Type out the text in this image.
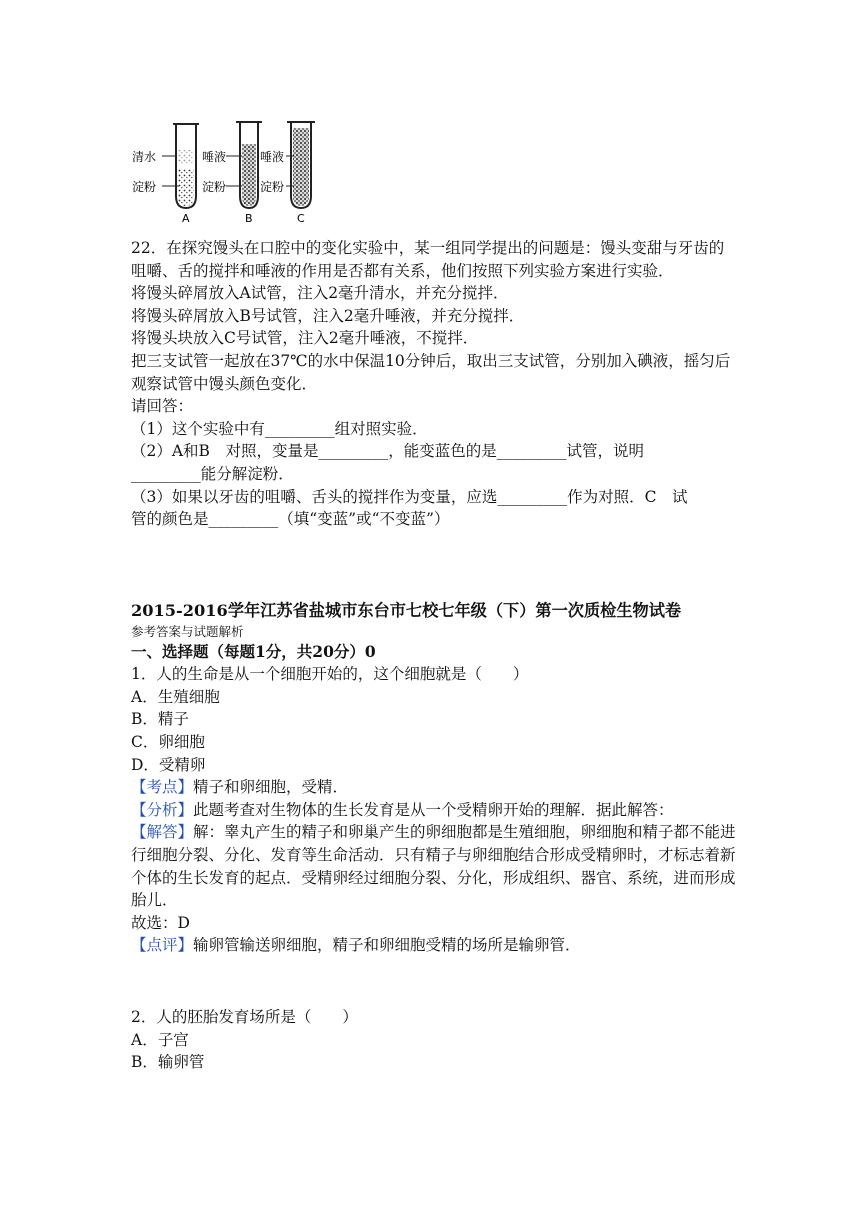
清水
淀粉
唾液
淀粉
唾液
淀粉
A	B	C

22．在探究馒头在口腔中的变化实验中，某一组同学提出的问题是：馒头变甜与牙齿的咀嚼、舌的搅拌和唾液的作用是否都有关系，他们按照下列实验方案进行实验．

将馒头碎屑放入A试管，注入2毫升清水，并充分搅拌．

将馒头碎屑放入B号试管，注入2毫升唾液，并充分搅拌．

将馒头块放入C号试管，注入2毫升唾液，不搅拌．

把三支试管一起放在37℃的水中保温10分钟后，取出三支试管，分别加入碘液，摇匀后观察试管中馒头颜色变化．

请回答：

（1）这个实验中有_________组对照实验．

（2）A和B　对照，变量是_________，能变蓝色的是_________试管，说明

_________能分解淀粉．

（3）如果以牙齿的咀嚼、舌头的搅拌作为变量，应选_________作为对照．C　试

管的颜色是_________（填“变蓝”或“不变蓝”）

2015-2016学年江苏省盐城市东台市七校七年级（下）第一次质检生物试卷

参考答案与试题解析

一、选择题（每题1分，共20分）0

1．人的生命是从一个细胞开始的，这个细胞就是（　　）

A．生殖细胞

B．精子

C．卵细胞

D．受精卵

【考点】精子和卵细胞，受精．

【分析】此题考查对生物体的生长发育是从一个受精卵开始的理解．据此解答：

【解答】解：睾丸产生的精子和卵巢产生的卵细胞都是生殖细胞，卵细胞和精子都不能进行细胞分裂、分化、发育等生命活动．只有精子与卵细胞结合形成受精卵时，才标志着新个体的生长发育的起点．受精卵经过细胞分裂、分化，形成组织、器官、系统，进而形成胎儿．

故选：D

【点评】输卵管输送卵细胞，精子和卵细胞受精的场所是输卵管．

2．人的胚胎发育场所是（　　）

A．子宫

B．输卵管
